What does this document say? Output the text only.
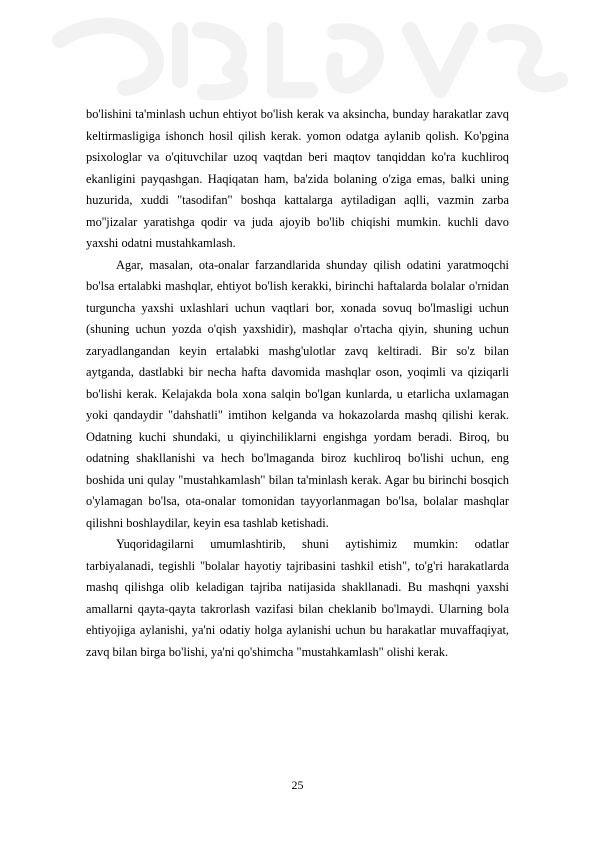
bo'lishini ta'minlash uchun ehtiyot bo'lish kerak va aksincha, bunday harakatlar zavq keltirmasligiga ishonch hosil qilish kerak. yomon odatga aylanib qolish. Ko'pgina psixologlar va o'qituvchilar uzoq vaqtdan beri maqtov tanqiddan ko'ra kuchliroq ekanligini payqashgan. Haqiqatan ham, ba'zida bolaning o'ziga emas, balki uning huzurida, xuddi "tasodifan" boshqa kattalarga aytiladigan aqlli, vazmin zarba mo''jizalar yaratishga qodir va juda ajoyib bo'lib chiqishi mumkin. kuchli davo yaxshi odatni mustahkamlash.

Agar, masalan, ota-onalar farzandlarida shunday qilish odatini yaratmoqchi bo'lsa ertalabki mashqlar, ehtiyot bo'lish kerakki, birinchi haftalarda bolalar o'rnidan turguncha yaxshi uxlashlari uchun vaqtlari bor, xonada sovuq bo'lmasligi uchun (shuning uchun yozda o'qish yaxshidir), mashqlar o'rtacha qiyin, shuning uchun zaryadlangandan keyin ertalabki mashg'ulotlar zavq keltiradi. Bir so'z bilan aytganda, dastlabki bir necha hafta davomida mashqlar oson, yoqimli va qiziqarli bo'lishi kerak. Kelajakda bola xona salqin bo'lgan kunlarda, u etarlicha uxlamagan yoki qandaydir "dahshatli" imtihon kelganda va hokazolarda mashq qilishi kerak. Odatning kuchi shundaki, u qiyinchiliklarni engishga yordam beradi. Biroq, bu odatning shakllanishi va hech bo'lmaganda biroz kuchliroq bo'lishi uchun, eng boshida uni qulay "mustahkamlash" bilan ta'minlash kerak. Agar bu birinchi bosqich o'ylamagan bo'lsa, ota-onalar tomonidan tayyorlanmagan bo'lsa, bolalar mashqlar qilishni boshlaydilar, keyin esa tashlab ketishadi.

Yuqoridagilarni umumlashtirib, shuni aytishimiz mumkin: odatlar tarbiyalanadi, tegishli "bolalar hayotiy tajribasini tashkil etish", to'g'ri harakatlarda mashq qilishga olib keladigan tajriba natijasida shakllanadi. Bu mashqni yaxshi amallarni qayta-qayta takrorlash vazifasi bilan cheklanib bo'lmaydi. Ularning bola ehtiyojiga aylanishi, ya'ni odatiy holga aylanishi uchun bu harakatlar muvaffaqiyat, zavq bilan birga bo'lishi, ya'ni qo'shimcha "mustahkamlash" olishi kerak.

25
